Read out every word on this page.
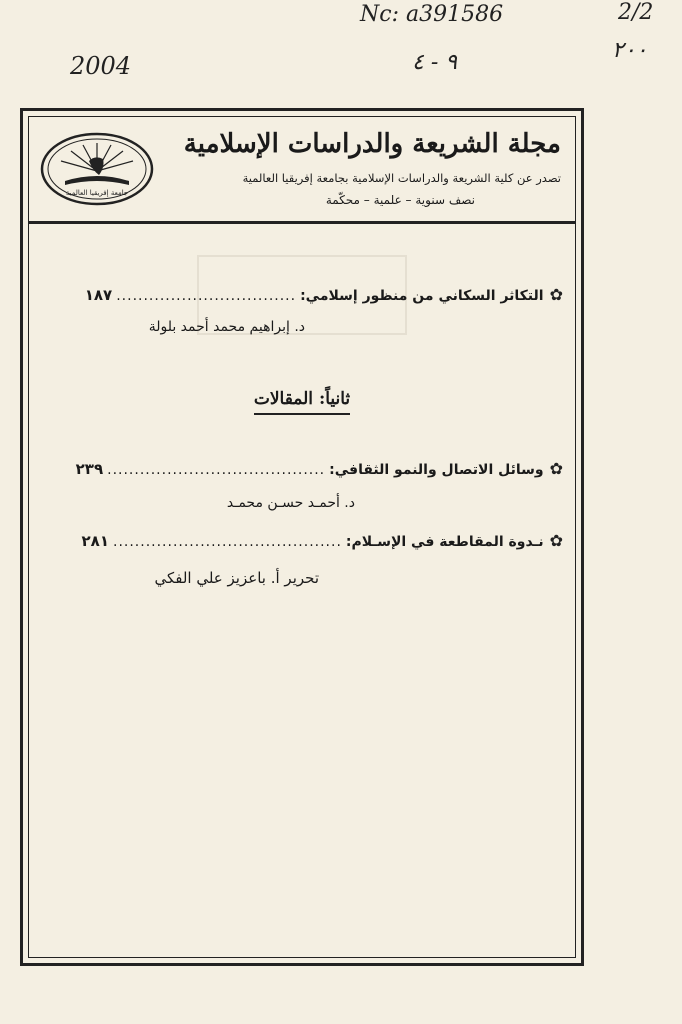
Nc: a391586
2004	٩ - ٤
2/2
٢٠٠
جامعة إفريقيا العالمية
مجلة الشريعة والدراسات الإسلامية
تصدر عن كلية الشريعة والدراسات الإسلامية بجامعة إفريقيا العالمية
نصف سنوية – علمية – محكّمة
✿
التكاثر السكاني من منظور إسلامي:
.................................
١٨٧
د. إبراهيم محمد أحمد بلولة
ثانياً: المقالات
✿
وسائل الاتصال والنمو الثقافي:
........................................
٢٣٩
د. أحمـد حسـن محمـد
✿
نـدوة المقاطعة في الإسـلام:
..........................................
٢٨١
تحرير أ. باعزيز علي الفكي
